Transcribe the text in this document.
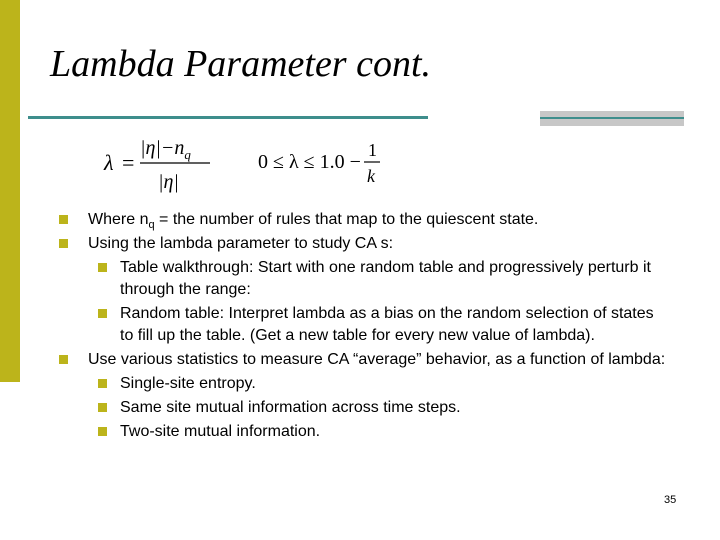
Lambda Parameter cont.
λ =
$|\eta|-n_q$
|η|
0 ≤ λ ≤ 1.0 −
1
k
Where $n_q$ = the number of rules that map to the quiescent state.
Using the lambda parameter to study CA s:
Table walkthrough: Start with one random table and progressively perturb it through the range:
Random table: Interpret lambda as a bias on the random selection of states to fill up the table. (Get a new table for every new value of lambda).
Use various statistics to measure CA “average” behavior, as a function of lambda:
Single-site entropy.
Same site mutual information across time steps.
Two-site mutual information.
35
